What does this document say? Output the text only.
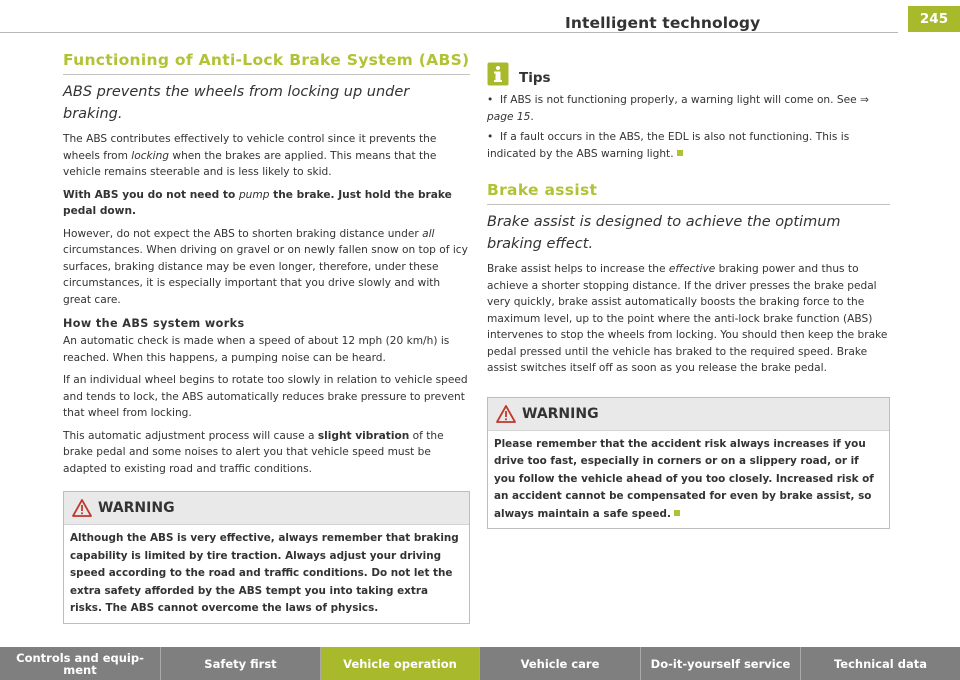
Intelligent technology	245
Functioning of Anti-Lock Brake System (ABS)
ABS prevents the wheels from locking up under braking.

The ABS contributes effectively to vehicle control since it prevents the wheels from locking when the brakes are applied. This means that the vehicle remains steerable and is less likely to skid.

With ABS you do not need to pump the brake. Just hold the brake pedal down.

However, do not expect the ABS to shorten braking distance under all circumstances. When driving on gravel or on newly fallen snow on top of icy surfaces, braking distance may be even longer, therefore, under these circumstances, it is especially important that you drive slowly and with great care.

How the ABS system works

An automatic check is made when a speed of about 12 mph (20 km/h) is reached. When this happens, a pumping noise can be heard.

If an individual wheel begins to rotate too slowly in relation to vehicle speed and tends to lock, the ABS automatically reduces brake pressure to prevent that wheel from locking.

This automatic adjustment process will cause a slight vibration of the brake pedal and some noises to alert you that vehicle speed must be adapted to existing road and traffic conditions.

WARNING
Although the ABS is very effective, always remember that braking capability is limited by tire traction. Always adjust your driving speed according to the road and traffic conditions. Do not let the extra safety afforded by the ABS tempt you into taking extra risks. The ABS cannot overcome the laws of physics.
Tips
•  If ABS is not functioning properly, a warning light will come on. See ⇒ page 15.
•  If a fault occurs in the ABS, the EDL is also not functioning. This is indicated by the ABS warning light.
Brake assist
Brake assist is designed to achieve the optimum braking effect.

Brake assist helps to increase the effective braking power and thus to achieve a shorter stopping distance. If the driver presses the brake pedal very quickly, brake assist automatically boosts the braking force to the maximum level, up to the point where the anti-lock brake function (ABS) intervenes to stop the wheels from locking. You should then keep the brake pedal pressed until the vehicle has braked to the required speed. Brake assist switches itself off as soon as you release the brake pedal.

WARNING
Please remember that the accident risk always increases if you drive too fast, especially in corners or on a slippery road, or if you follow the vehicle ahead of you too closely. Increased risk of an accident cannot be compensated for even by brake assist, so always maintain a safe speed.
Controls and equip-
ment	Safety first	Vehicle operation	Vehicle care	Do-it-yourself service	Technical data
